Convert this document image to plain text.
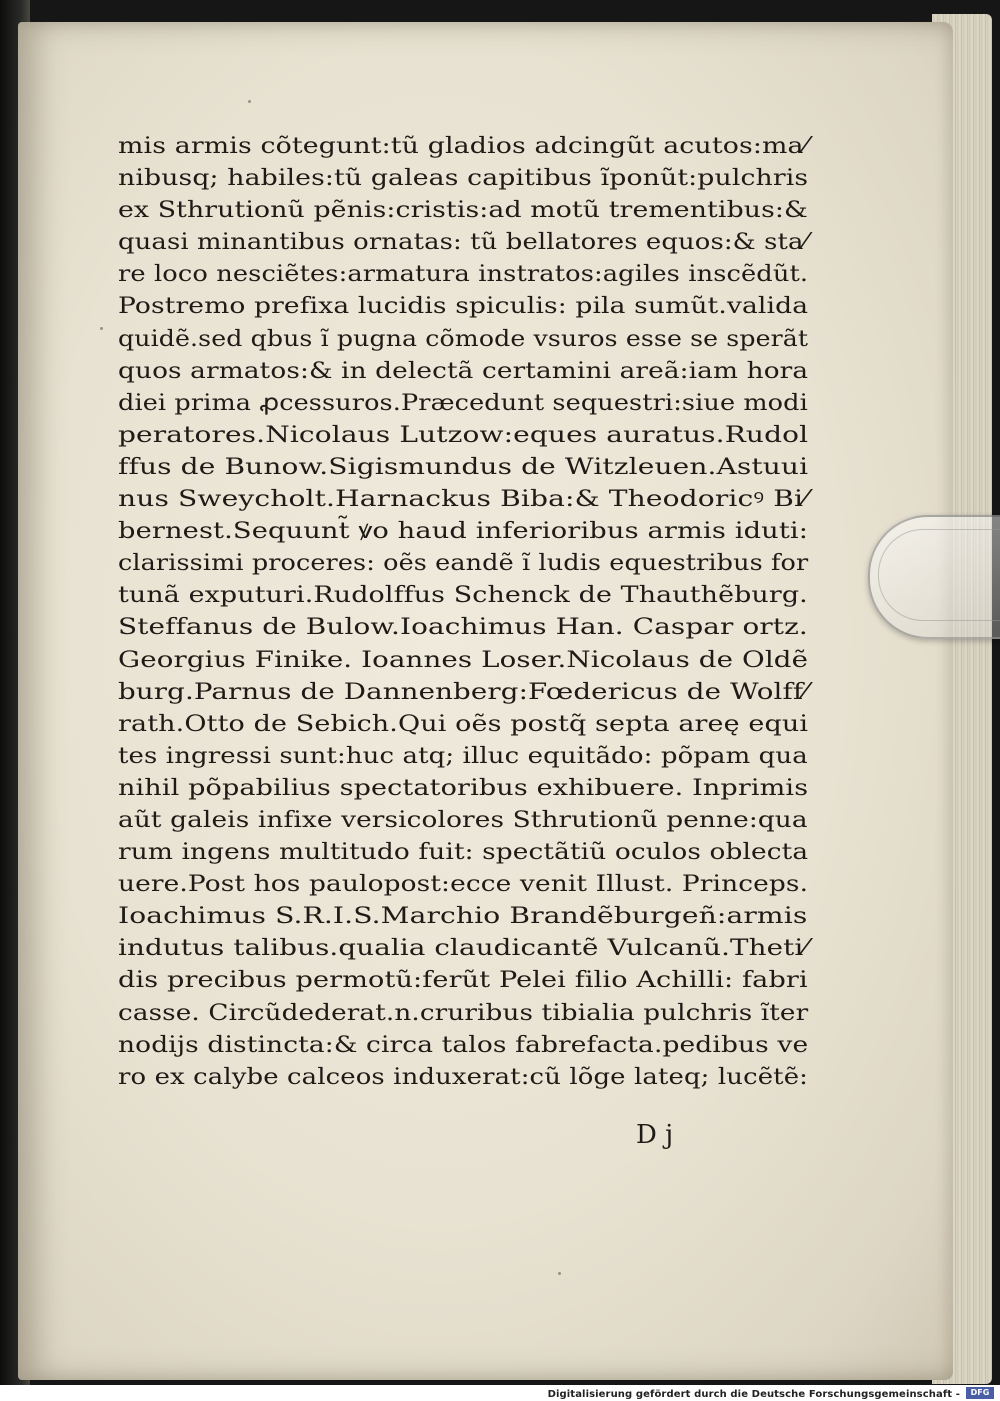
mis armis cõtegunt:tũ gladios adcingũt acutos:ma⁄
nibusq; habiles:tũ galeas capitibus ĩponũt:pulchris
ex Sthrutionũ pẽnis:cristis:ad motũ trementibus:&
quasi minantibus ornatas: tũ bellatores equos:& sta⁄
re loco nesciẽtes:armatura instratos:agiles inscẽdũt.
Postremo prefixa lucidis spiculis: pila sumũt.valida
quidẽ.sed qbus ĩ pugna cõmode vsuros esse se sperãt
quos armatos:& in delectã certamini areã:iam hora
diei prima ꝓcessuros.Præcedunt sequestri:siue modi
peratores.Nicolaus Lutzow:eques auratus.Rudol
ffus de Bunow.Sigismundus de Witzleuen.Astuui
nus Sweycholt.Harnackus Biba:& Theodoricꝰ Bi⁄
bernest.Sequunt̃ ꝟo haud inferioribus armis iduti:
clarissimi proceres: oẽs eandẽ ĩ ludis equestribus for
tunã exputuri.Rudolffus Schenck de Thauthẽburg.
Steffanus de Bulow.Ioachimus Han. Caspar ortz.
Georgius Finike. Ioannes Loser.Nicolaus de Oldẽ
burg.Parnus de Dannenberg:Fœdericus de Wolff⁄
rath.Otto de Sebich.Qui oẽs postq̃ septa areę equi
tes ingressi sunt:huc atq; illuc equitãdo: põpam qua
nihil põpabilius spectatoribus exhibuere. Inprimis
aũt galeis infixe versicolores Sthrutionũ penne:qua
rum ingens multitudo fuit: spectãtiũ oculos oblecta
uere.Post hos paulopost:ecce venit Illust. Princeps.
Ioachimus S.R.I.S.Marchio Brandẽburgeñ:armis
indutus talibus.qualia claudicantẽ Vulcanũ.Theti⁄
dis precibus permotũ:ferũt Pelei filio Achilli: fabri
casse. Circũdederat.n.cruribus tibialia pulchris ĩter
nodijs distincta:& circa talos fabrefacta.pedibus ve
ro ex calybe calceos induxerat:cũ lõge lateq; lucẽtẽ:
D j
Digitalisierung gefördert durch die Deutsche Forschungsgemeinschaft -	DFG
